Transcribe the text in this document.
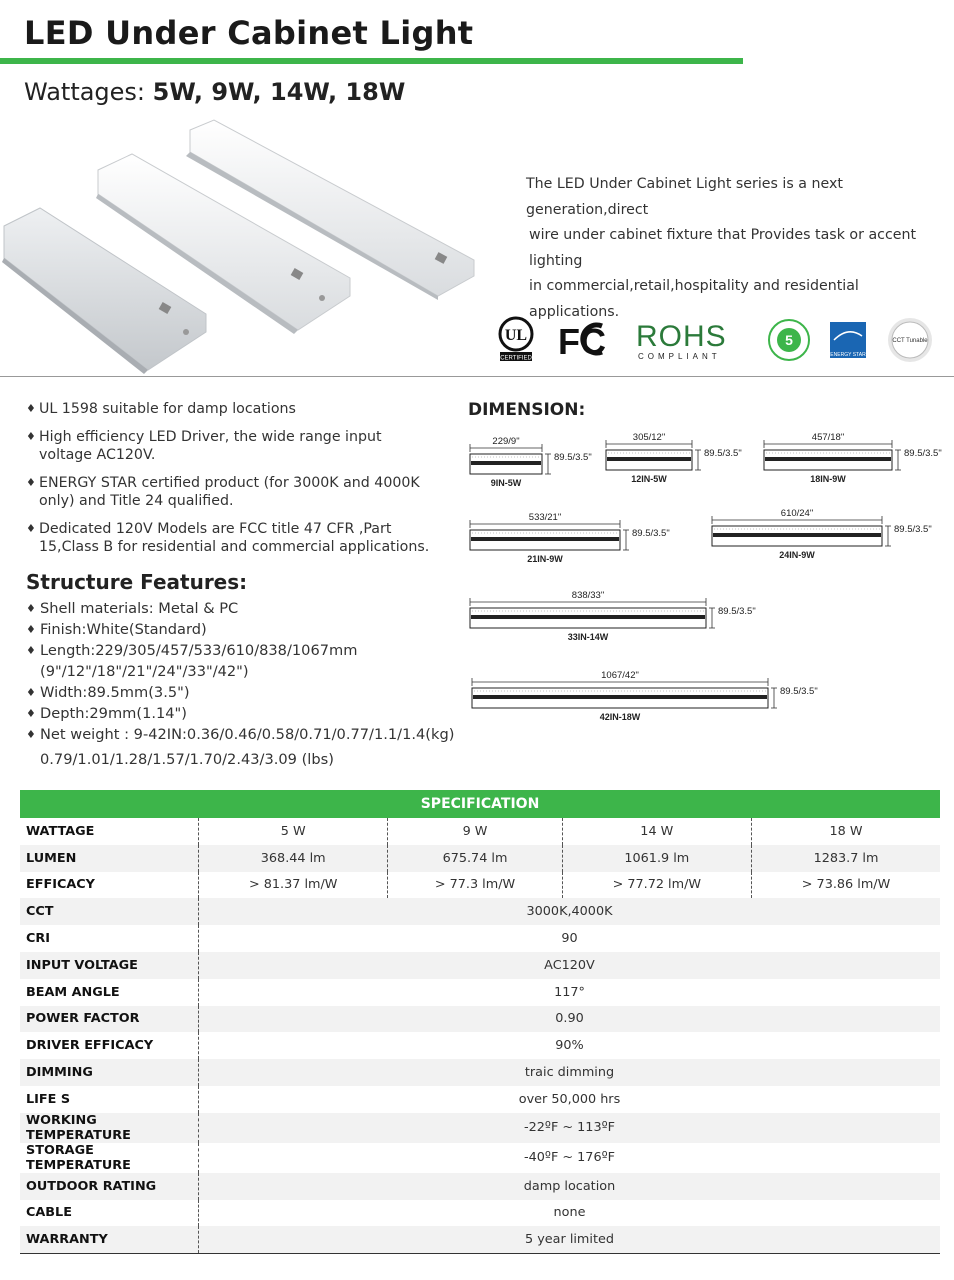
LED Under Cabinet Light
Wattages: 5W, 9W, 14W, 18W
The LED Under Cabinet Light series is a next generation,direct
wire under cabinet fixture that Provides task or accent lighting
in commercial,retail,hospitality and residential applications.
UL
CERTIFIED FC ROHS
COMPLIANT
5
ENERGY STAR
CCT Tunable
♦ UL 1598 suitable for damp locations
♦ High efficiency LED Driver, the wide range input voltage AC120V.
♦ ENERGY STAR certified product (for 3000K and 4000K only) and Title 24 qualified.
♦ Dedicated 120V Models are FCC title 47 CFR ,Part 15,Class B for residential and commercial applications.
Structure Features:
♦ Shell materials: Metal & PC
♦ Finish:White(Standard)
♦ Length:229/305/457/533/610/838/1067mm
(9"/12"/18"/21"/24"/33"/42")
♦ Width:89.5mm(3.5")
♦ Depth:29mm(1.14")
♦ Net weight : 9-42IN:0.36/0.46/0.58/0.71/0.77/1.1/1.4(kg)
0.79/1.01/1.28/1.57/1.70/2.43/3.09 (lbs)
DIMENSION:
229/9"
89.5/3.5"
9IN-5W
305/12"
89.5/3.5"
12IN-5W
457/18"
89.5/3.5"
18IN-9W
533/21"
89.5/3.5"
21IN-9W
610/24"
89.5/3.5"
24IN-9W
838/33"
89.5/3.5"
33IN-14W
1067/42"
89.5/3.5"
42IN-18W
SPECIFICATION				
WATTAGE	5 W	9 W	14 W	18 W
LUMEN	368.44 lm	675.74 lm	1061.9 lm	1283.7 lm
EFFICACY	> 81.37 lm/W	> 77.3 lm/W	> 77.72 lm/W	> 73.86 lm/W
CCT	3000K,4000K			
CRI	90			
INPUT VOLTAGE	AC120V			
BEAM ANGLE	117°			
POWER FACTOR	0.90			
DRIVER EFFICACY	90%			
DIMMING	traic dimming			
LIFE S	over 50,000 hrs			
WORKING TEMPERATURE	-22ºF ~ 113ºF			
STORAGE TEMPERATURE	-40ºF ~ 176ºF			
OUTDOOR RATING	damp location			
CABLE	none			
WARRANTY	5 year limited			
